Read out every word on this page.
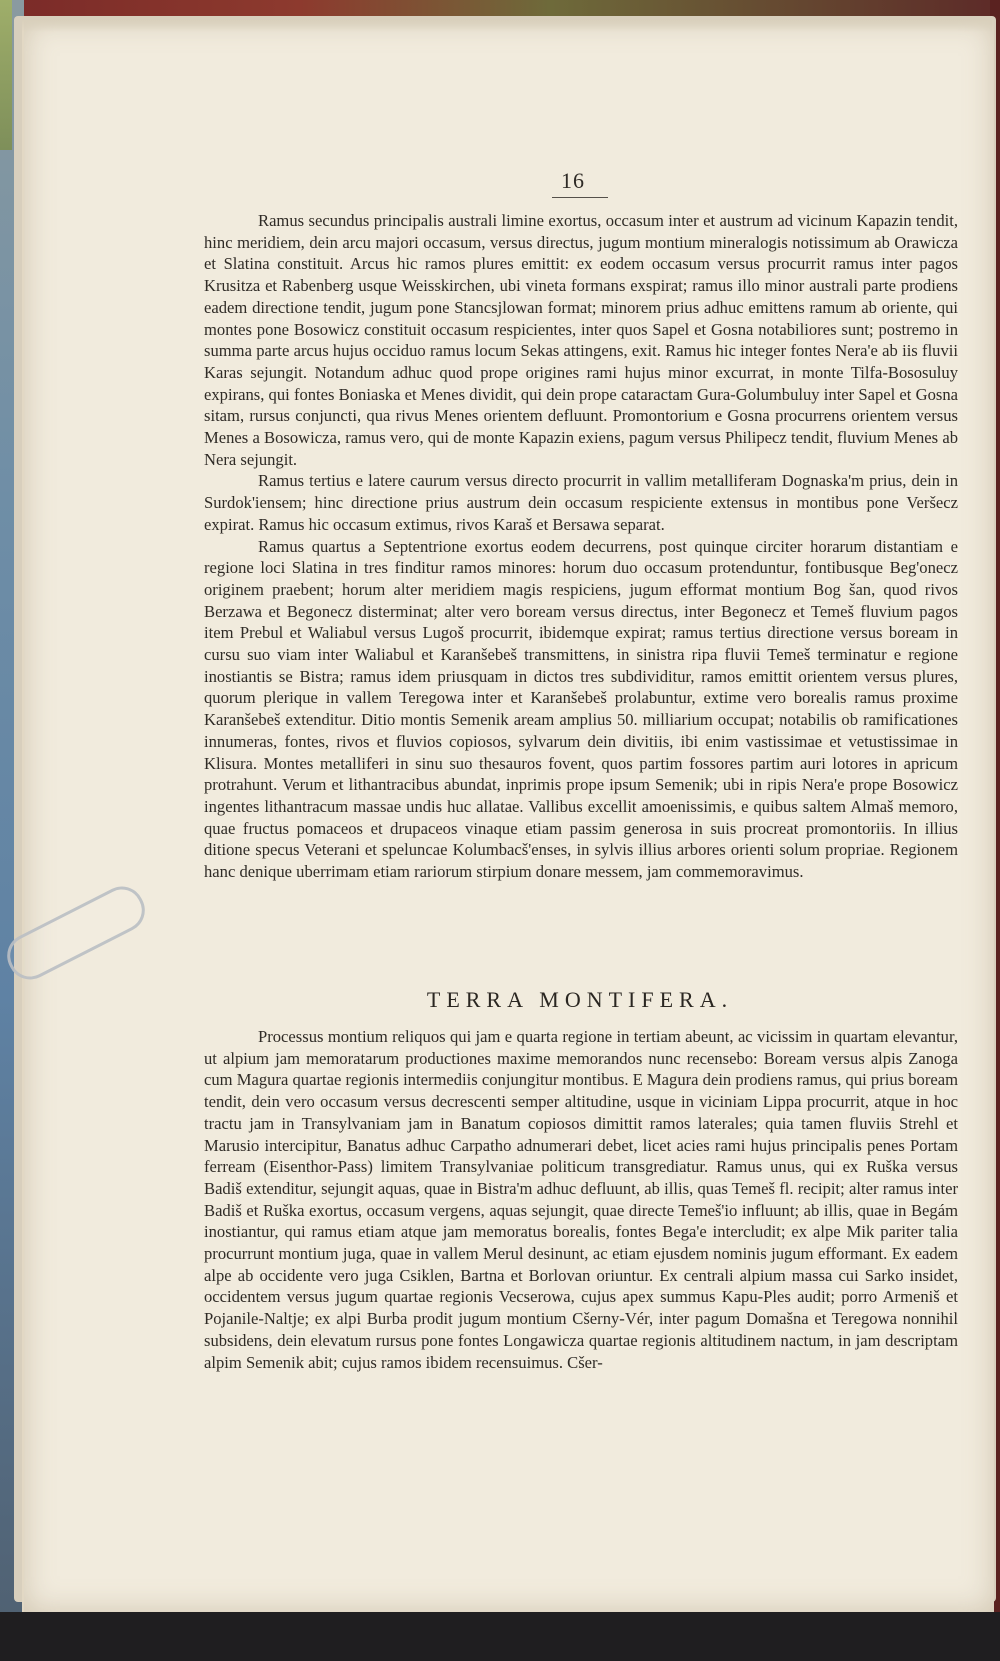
16

Ramus secundus principalis australi limine exortus, occasum inter et austrum ad vicinum Kapazin tendit, hinc meridiem, dein arcu majori occasum, versus directus, jugum montium mineralogis notissimum ab Orawicza et Slatina constituit. Arcus hic ramos plures emittit: ex eodem occasum versus procurrit ramus inter pagos Krusitza et Rabenberg usque Weisskirchen, ubi vineta formans exspirat; ramus illo minor australi parte prodiens eadem directione tendit, jugum pone Stancsjlowan format; minorem prius adhuc emittens ramum ab oriente, qui montes pone Bosowicz constituit occasum respicientes, inter quos Sapel et Gosna notabiliores sunt; postremo in summa parte arcus hujus occiduo ramus locum Sekas attingens, exit. Ramus hic integer fontes Nera'e ab iis fluvii Karas sejungit. Notandum adhuc quod prope origines rami hujus minor excurrat, in monte Tilfa-Bososuluy expirans, qui fontes Boniaska et Menes dividit, qui dein prope cataractam Gura-Golumbuluy inter Sapel et Gosna sitam, rursus conjuncti, qua rivus Menes orientem defluunt. Promontorium e Gosna procurrens orientem versus Menes a Bosowicza, ramus vero, qui de monte Kapazin exiens, pagum versus Philipecz tendit, fluvium Menes ab Nera sejungit.

Ramus tertius e latere caurum versus directo procurrit in vallim metalliferam Dognaska'm prius, dein in Surdok'iensem; hinc directione prius austrum dein occasum respiciente extensus in montibus pone Veršecz expirat. Ramus hic occasum extimus, rivos Karaš et Bersawa separat.

Ramus quartus a Septentrione exortus eodem decurrens, post quinque circiter horarum distantiam e regione loci Slatina in tres finditur ramos minores: horum duo occasum protenduntur, fontibusque Beg'onecz originem praebent; horum alter meridiem magis respiciens, jugum efformat montium Bog šan, quod rivos Berzawa et Begonecz disterminat; alter vero boream versus directus, inter Begonecz et Temeš fluvium pagos item Prebul et Waliabul versus Lugoš procurrit, ibidemque expirat; ramus tertius directione versus boream in cursu suo viam inter Waliabul et Karanšebeš transmittens, in sinistra ripa fluvii Temeš terminatur e regione inostiantis se Bistra; ramus idem priusquam in dictos tres subdividitur, ramos emittit orientem versus plures, quorum plerique in vallem Teregowa inter et Karanšebeš prolabuntur, extime vero borealis ramus proxime Karanšebeš extenditur. Ditio montis Semenik aream amplius 50. milliarium occupat; notabilis ob ramificationes innumeras, fontes, rivos et fluvios copiosos, sylvarum dein divitiis, ibi enim vastissimae et vetustissimae in Klisura. Montes metalliferi in sinu suo thesauros fovent, quos partim fossores partim auri lotores in apricum protrahunt. Verum et lithantracibus abundat, inprimis prope ipsum Semenik; ubi in ripis Nera'e prope Bosowicz ingentes lithantracum massae undis huc allatae. Vallibus excellit amoenissimis, e quibus saltem Almaš memoro, quae fructus pomaceos et drupaceos vinaque etiam passim generosa in suis procreat promontoriis. In illius ditione specus Veterani et speluncae Kolumbacš'enses, in sylvis illius arbores orienti solum propriae. Regionem hanc denique uberrimam etiam rariorum stirpium donare messem, jam commemoravimus.

TERRA MONTIFERA.

Processus montium reliquos qui jam e quarta regione in tertiam abeunt, ac vicissim in quartam elevantur, ut alpium jam memoratarum productiones maxime memorandos nunc recensebo: Boream versus alpis Zanoga cum Magura quartae regionis intermediis conjungitur montibus. E Magura dein prodiens ramus, qui prius boream tendit, dein vero occasum versus decrescenti semper altitudine, usque in viciniam Lippa procurrit, atque in hoc tractu jam in Transylvaniam jam in Banatum copiosos dimittit ramos laterales; quia tamen fluviis Strehl et Marusio intercipitur, Banatus adhuc Carpatho adnumerari debet, licet acies rami hujus principalis penes Portam ferream (Eisenthor-Pass) limitem Transylvaniae politicum transgrediatur. Ramus unus, qui ex Ruška versus Badiš extenditur, sejungit aquas, quae in Bistra'm adhuc defluunt, ab illis, quas Temeš fl. recipit; alter ramus inter Badiš et Ruška exortus, occasum vergens, aquas sejungit, quae directe Temeš'io influunt; ab illis, quae in Begám inostiantur, qui ramus etiam atque jam memoratus borealis, fontes Bega'e intercludit; ex alpe Mik pariter talia procurrunt montium juga, quae in vallem Merul desinunt, ac etiam ejusdem nominis jugum efformant. Ex eadem alpe ab occidente vero juga Csiklen, Bartna et Borlovan oriuntur. Ex centrali alpium massa cui Sarko insidet, occidentem versus jugum quartae regionis Vecserowa, cujus apex summus Kapu-Ples audit; porro Armeniš et Pojanile-Naltje; ex alpi Burba prodit jugum montium Cšerny-Vér, inter pagum Domašna et Teregowa nonnihil subsidens, dein elevatum rursus pone fontes Longawicza quartae regionis altitudinem nactum, in jam descriptam alpim Semenik abit; cujus ramos ibidem recensuimus. Cšer-
